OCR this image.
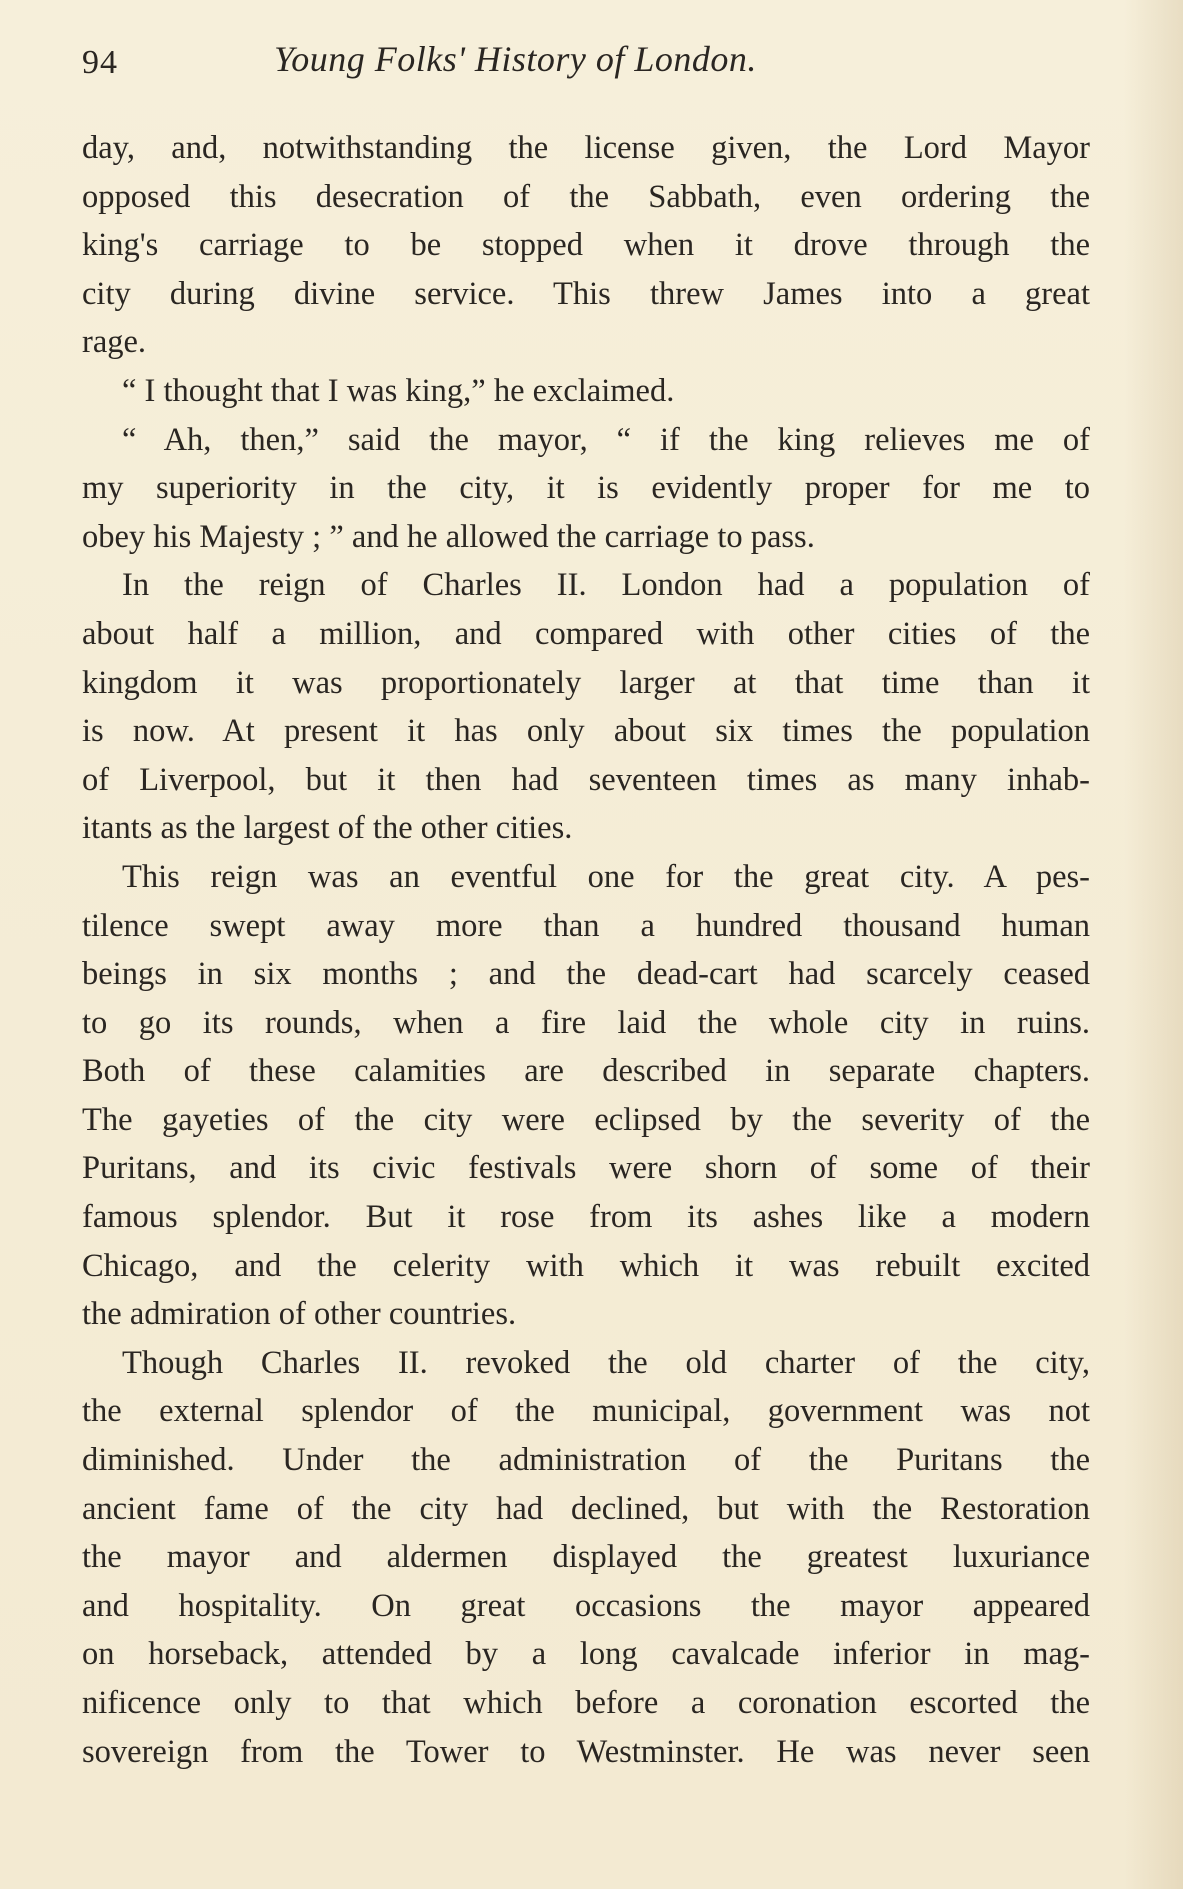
94	Young Folks' History of London.
day, and, notwithstanding the license given, the Lord Mayor
opposed this desecration of the Sabbath, even ordering the
king's carriage to be stopped when it drove through the
city during divine service. This threw James into a great
rage.
“ I thought that I was king,” he exclaimed.
“ Ah, then,” said the mayor, “ if the king relieves me of
my superiority in the city, it is evidently proper for me to
obey his Majesty ; ” and he allowed the carriage to pass.
In the reign of Charles II. London had a population of
about half a million, and compared with other cities of the
kingdom it was proportionately larger at that time than it
is now. At present it has only about six times the population
of Liverpool, but it then had seventeen times as many inhab-
itants as the largest of the other cities.
This reign was an eventful one for the great city. A pes-
tilence swept away more than a hundred thousand human
beings in six months ; and the dead-cart had scarcely ceased
to go its rounds, when a fire laid the whole city in ruins.
Both of these calamities are described in separate chapters.
The gayeties of the city were eclipsed by the severity of the
Puritans, and its civic festivals were shorn of some of their
famous splendor. But it rose from its ashes like a modern
Chicago, and the celerity with which it was rebuilt excited
the admiration of other countries.
Though Charles II. revoked the old charter of the city,
the external splendor of the municipal, government was not
diminished. Under the administration of the Puritans the
ancient fame of the city had declined, but with the Restoration
the mayor and aldermen displayed the greatest luxuriance
and hospitality. On great occasions the mayor appeared
on horseback, attended by a long cavalcade inferior in mag-
nificence only to that which before a coronation escorted the
sovereign from the Tower to Westminster. He was never seen
